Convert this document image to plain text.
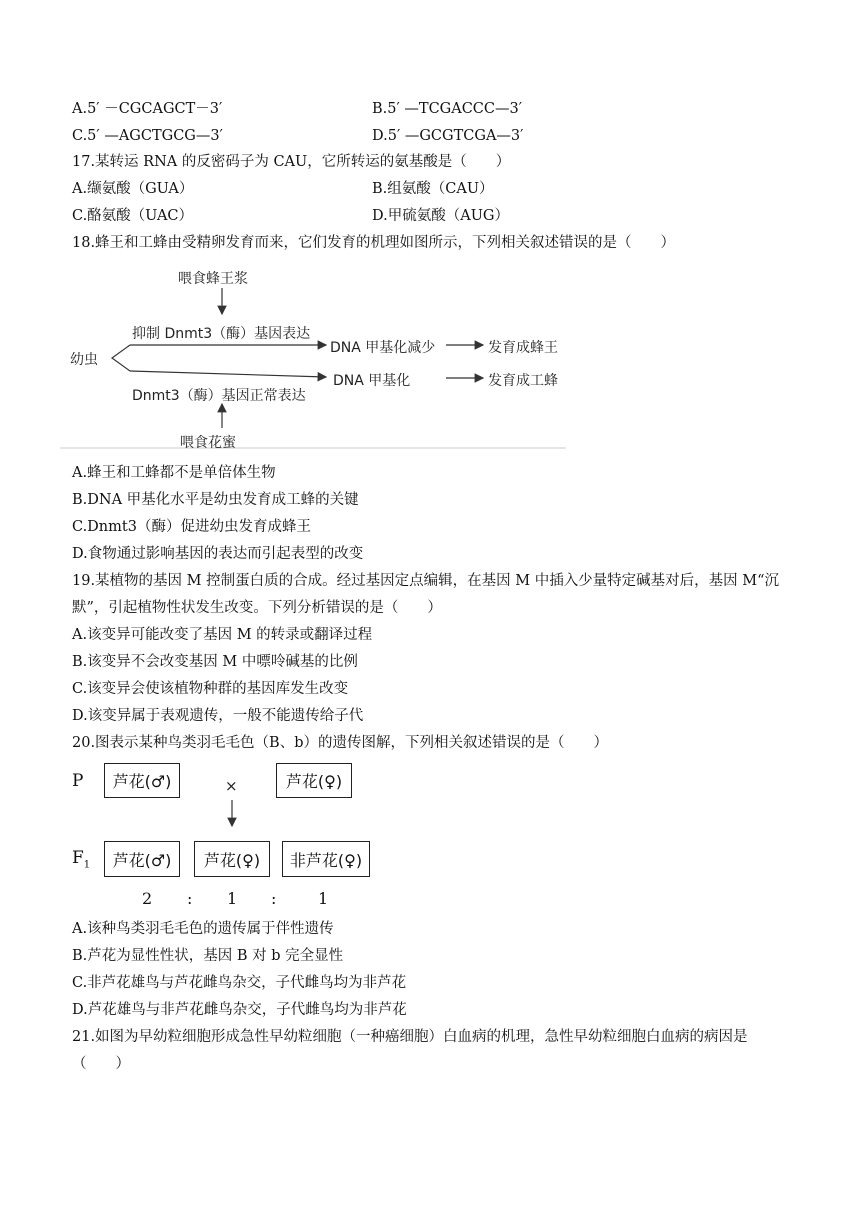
A.5′ －CGCAGCT－3′	B.5′ —TCGACCC—3′
C.5′ —AGCTGCG—3′	D.5′ —GCGTCGA—3′
17.某转运 RNA 的反密码子为 CAU，它所转运的氨基酸是（　　）
A.缬氨酸（GUA）	B.组氨酸（CAU）
C.酪氨酸（UAC）	D.甲硫氨酸（AUG）
18.蜂王和工蜂由受精卵发育而来，它们发育的机理如图所示，下列相关叙述错误的是（　　）
喂食蜂王浆
抑制 Dnmt3（酶）基因表达
幼虫
DNA 甲基化减少	发育成蜂王
DNA 甲基化	发育成工蜂
Dnmt3（酶）基因正常表达
喂食花蜜
A.蜂王和工蜂都不是单倍体生物
B.DNA 甲基化水平是幼虫发育成工蜂的关键
C.Dnmt3（酶）促进幼虫发育成蜂王
D.食物通过影响基因的表达而引起表型的改变
19.某植物的基因 M 控制蛋白质的合成。经过基因定点编辑，在基因 M 中插入少量特定碱基对后，基因 M“沉
默”，引起植物性状发生改变。下列分析错误的是（　　）
A.该变异可能改变了基因 M 的转录或翻译过程
B.该变异不会改变基因 M 中嘌呤碱基的比例
C.该变异会使该植物种群的基因库发生改变
D.该变异属于表观遗传，一般不能遗传给子代
20.图表示某种鸟类羽毛毛色（B、b）的遗传图解，下列相关叙述错误的是（　　）
P	芦花(♂)	×	芦花(♀)
$F_1$	芦花(♂)	芦花(♀)	非芦花(♀)
2 : 1 :	1
A.该种鸟类羽毛毛色的遗传属于伴性遗传
B.芦花为显性性状，基因 B 对 b 完全显性
C.非芦花雄鸟与芦花雌鸟杂交，子代雌鸟均为非芦花
D.芦花雄鸟与非芦花雌鸟杂交，子代雌鸟均为非芦花
21.如图为早幼粒细胞形成急性早幼粒细胞（一种癌细胞）白血病的机理，急性早幼粒细胞白血病的病因是
（　　）
